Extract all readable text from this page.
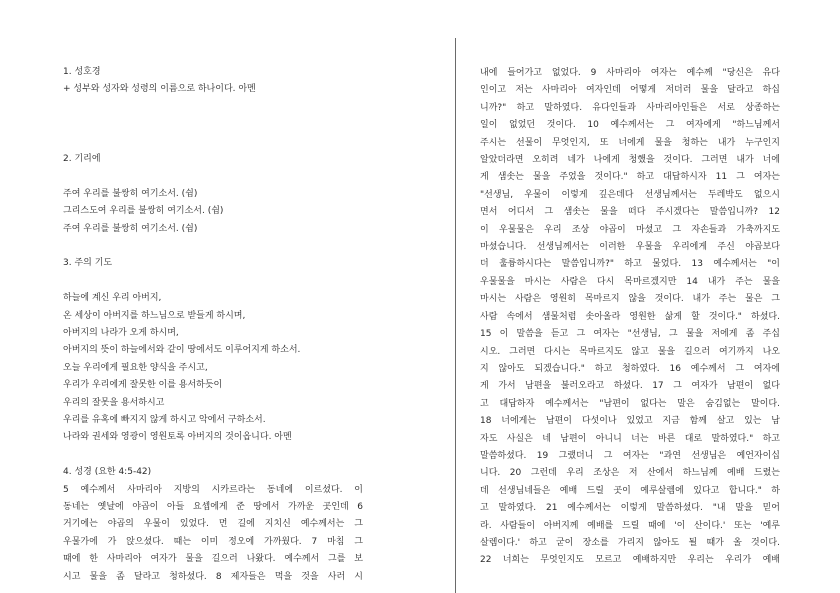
1. 성호경
+ 성부와 성자와 성령의 이름으로 하나이다. 아멘
2. 기리에
주여 우리를 불쌍히 여기소서. (쉼)
그리스도여 우리를 불쌍히 여기소서. (쉼)
주여 우리를 불쌍히 여기소서. (쉼)
3. 주의 기도
하늘에 계신 우리 아버지,
온 세상이 아버지를 하느님으로 받들게 하시며,
아버지의 나라가 오게 하시며,
아버지의 뜻이 하늘에서와 같이 땅에서도 이루어지게 하소서.
오늘 우리에게 필요한 양식을 주시고,
우리가 우리에게 잘못한 이를 용서하듯이
우리의 잘못을 용서하시고
우리를 유혹에 빠지지 않게 하시고 악에서 구하소서.
나라와 권세와 영광이 영원토록 아버지의 것이옵니다. 아멘
4. 성경 (요한 4:5-42)
5 예수께서 사마리아 지방의 시카르라는 동네에 이르셨다. 이
동네는 옛날에 야곱이 아들 요셉에게 준 땅에서 가까운 곳인데 6
거기에는 야곱의 우물이 있었다. 먼 길에 지치신 예수께서는 그
우물가에 가 앉으셨다. 때는 이미 정오에 가까웠다. 7 마침 그
때에 한 사마리아 여자가 물을 길으러 나왔다. 예수께서 그를 보
시고 물을 좀 달라고 청하셨다. 8 제자들은 먹을 것을 사러 시
내에 들어가고 없었다. 9 사마리아 여자는 예수께 "당신은 유다
인이고 저는 사마리아 여자인데 어떻게 저더러 물을 달라고 하십
니까?" 하고 말하였다. 유다인들과 사마리아인들은 서로 상종하는
일이 없었던 것이다. 10 예수께서는 그 여자에게 "하느님께서
주시는 선물이 무엇인지, 또 너에게 물을 청하는 내가 누구인지
알았더라면 오히려 네가 나에게 청했을 것이다. 그러면 내가 너에
게 샘솟는 물을 주었을 것이다." 하고 대답하시자 11 그 여자는
"선생님, 우물이 이렇게 깊은데다 선생님께서는 두레박도 없으시
면서 어디서 그 샘솟는 물을 떠다 주시겠다는 말씀입니까? 12
이 우물물은 우리 조상 야곱이 마셨고 그 자손들과 가축까지도
마셨습니다. 선생님께서는 이러한 우물을 우리에게 주신 야곱보다
더 훌륭하시다는 말씀입니까?" 하고 물었다. 13 예수께서는 "이
우물물을 마시는 사람은 다시 목마르겠지만 14 내가 주는 물을
마시는 사람은 영원히 목마르지 않을 것이다. 내가 주는 물은 그
사람 속에서 샘물처럼 솟아올라 영원한 삶게 할 것이다." 하셨다.
15 이 말씀을 듣고 그 여자는 "선생님, 그 물을 저에게 좀 주십
시오. 그러면 다시는 목마르지도 않고 물을 길으러 여기까지 나오
지 않아도 되겠습니다." 하고 청하였다. 16 예수께서 그 여자에
게 가서 남편을 불러오라고 하셨다. 17 그 여자가 남편이 없다
고 대답하자 예수께서는 "남편이 없다는 말은 숨김없는 말이다.
18 너에게는 남편이 다섯이나 있었고 지금 함께 살고 있는 남
자도 사실은 네 남편이 아니니 너는 바른 대로 말하였다." 하고
말씀하셨다. 19 그랬더니 그 여자는 "과연 선생님은 예언자이십
니다. 20 그런데 우리 조상은 저 산에서 하느님께 예배 드렸는
데 선생님네들은 예배 드릴 곳이 예루살렘에 있다고 합니다." 하
고 말하였다. 21 예수께서는 이렇게 말씀하셨다. "내 말을 믿어
라. 사람들이 아버지께 예배를 드릴 때에 '이 산이다.' 또는 '예루
살렘이다.' 하고 굳이 장소를 가리지 않아도 될 때가 올 것이다.
22 너희는 무엇인지도 모르고 예배하지만 우리는 우리가 예배
